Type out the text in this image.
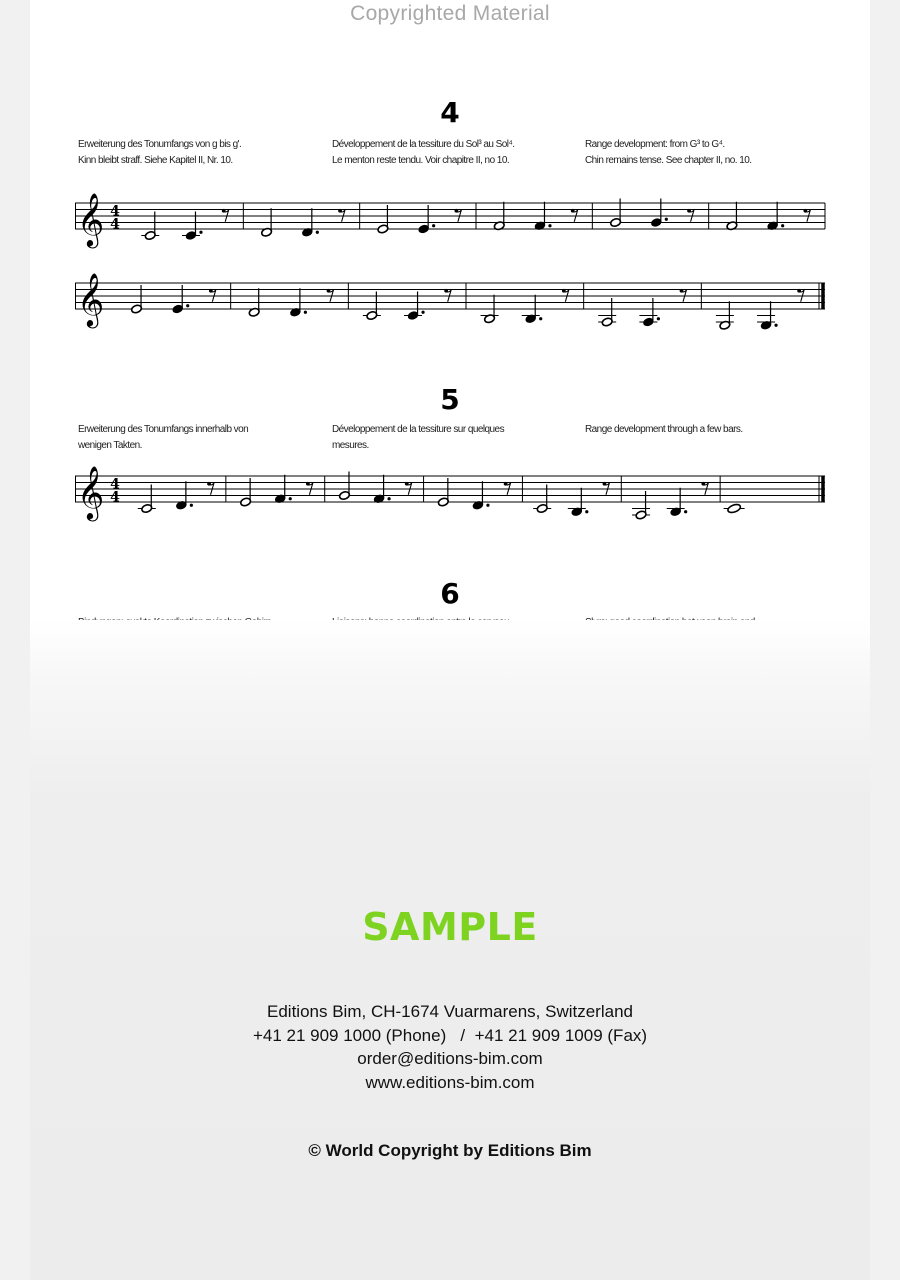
Copyrighted Material
4
Erweiterung des Tonumfangs von g bis g'.
Kinn bleibt straff. Siehe Kapitel II, Nr. 10.
Développement de la tessiture du Sol³ au Sol⁴.
Le menton reste tendu. Voir chapitre II, no 10.
Range development: from G³ to G⁴.
Chin remains tense. See chapter II, no. 10.
𝄞 4
4
𝄞
5
Erweiterung des Tonumfangs innerhalb von
wenigen Takten.
Développement de la tessiture sur quelques
mesures.
Range development through a few bars.
𝄞 4
4
6
SAMPLE
Editions Bim, CH-1674 Vuarmarens, Switzerland
+41 21 909 1000 (Phone)   /  +41 21 909 1009 (Fax)
order@editions-bim.com
www.editions-bim.com
© World Copyright by Editions Bim
